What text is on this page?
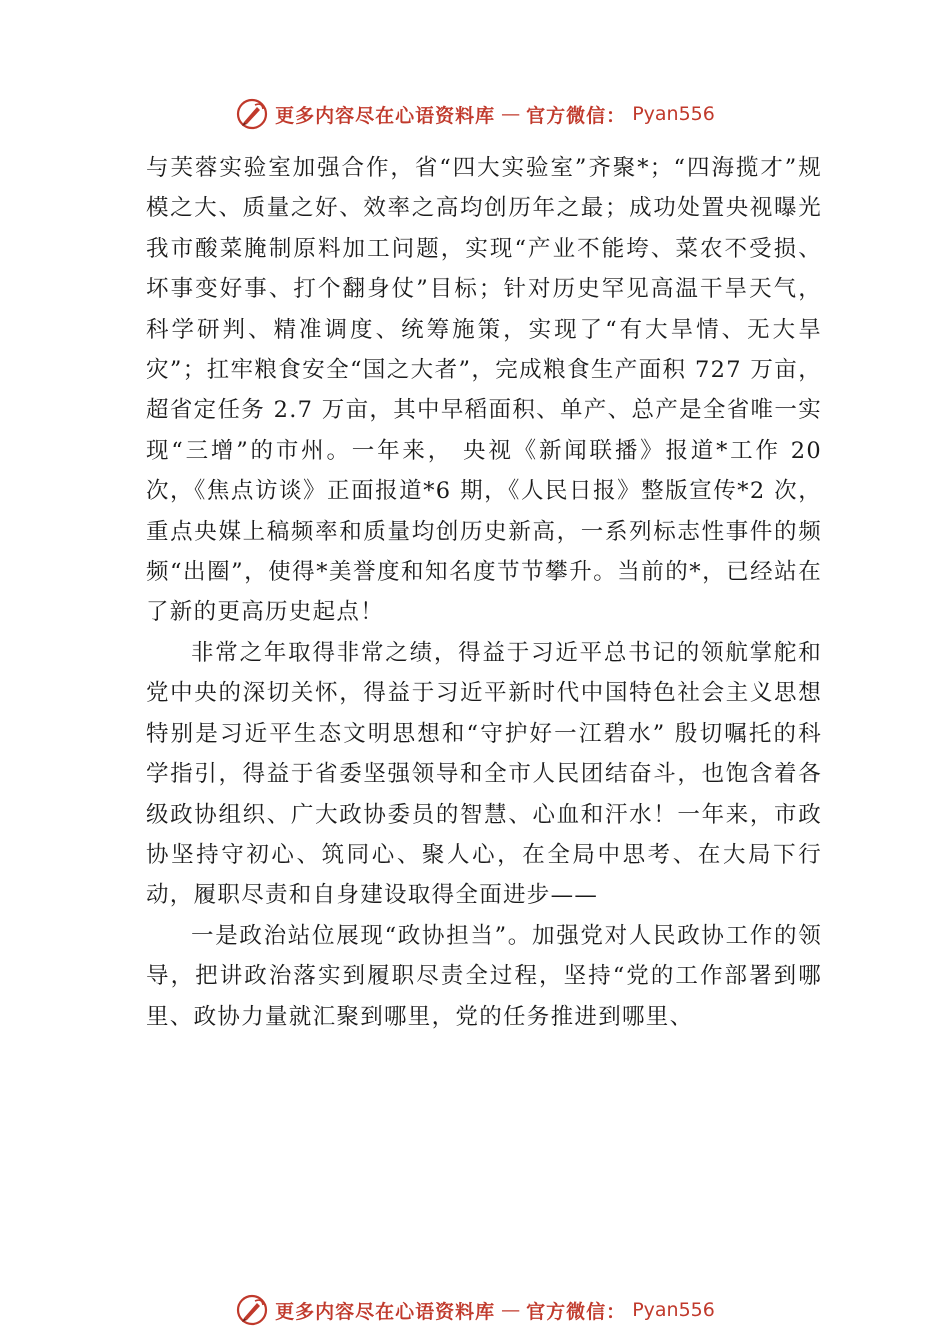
更多内容尽在心语资料库 — 官方微信： Pyan556

与芙蓉实验室加强合作，省“四大实验室”齐聚*；“四海揽才”规模之大、质量之好、效率之高均创历年之最；成功处置央视曝光我市酸菜腌制原料加工问题，实现“产业不能垮、菜农不受损、坏事变好事、打个翻身仗”目标；针对历史罕见高温干旱天气，科学研判、精准调度、统筹施策，实现了“有大旱情、无大旱灾”；扛牢粮食安全“国之大者”，完成粮食生产面积 727 万亩，超省定任务 2.7 万亩，其中早稻面积、单产、总产是全省唯一实现“三增”的市州。一年来， 央视《新闻联播》报道*工作 20 次，《焦点访谈》正面报道*6 期，《人民日报》整版宣传*2 次，重点央媒上稿频率和质量均创历史新高，一系列标志性事件的频频“出圈”，使得*美誉度和知名度节节攀升。当前的*，已经站在了新的更高历史起点！

非常之年取得非常之绩，得益于习近平总书记的领航掌舵和党中央的深切关怀，得益于习近平新时代中国特色社会主义思想特别是习近平生态文明思想和“守护好一江碧水” 殷切嘱托的科学指引，得益于省委坚强领导和全市人民团结奋斗，也饱含着各级政协组织、广大政协委员的智慧、心血和汗水！一年来，市政协坚持守初心、筑同心、聚人心，在全局中思考、在大局下行动，履职尽责和自身建设取得全面进步——

一是政治站位展现“政协担当”。加强党对人民政协工作的领导，把讲政治落实到履职尽责全过程，坚持“党的工作部署到哪里、政协力量就汇聚到哪里，党的任务推进到哪里、

更多内容尽在心语资料库 — 官方微信： Pyan556
